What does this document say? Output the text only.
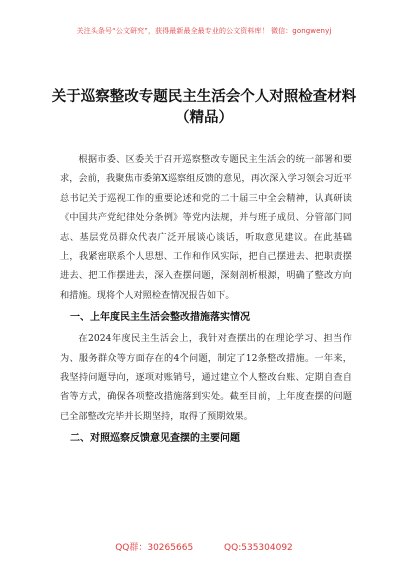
关注头条号“公文研究”，获得最新最全最专业的公文资料库！ 微信：gongwenyj
关于巡察整改专题民主生活会个人对照检查材料
（精品）

根据市委、区委关于召开巡察整改专题民主生活会的统一部署和要求，会前，我聚焦市委第X巡察组反馈的意见，再次深入学习领会习近平总书记关于巡视工作的重要论述和党的二十届三中全会精神，认真研读《中国共产党纪律处分条例》等党内法规，并与班子成员、分管部门同志、基层党员群众代表广泛开展谈心谈话，听取意见建议。在此基础上，我紧密联系个人思想、工作和作风实际，把自己摆进去、把职责摆进去、把工作摆进去，深入查摆问题，深刻剖析根源，明确了整改方向和措施。现将个人对照检查情况报告如下。

一、上年度民主生活会整改措施落实情况

在2024年度民主生活会上，我针对查摆出的在理论学习、担当作为、服务群众等方面存在的4个问题，制定了12条整改措施。一年来，我坚持问题导向，逐项对账销号，通过建立个人整改台账、定期自查自省等方式，确保各项整改措施落到实处。截至目前，上年度查摆的问题已全部整改完毕并长期坚持，取得了预期效果。

二、对照巡察反馈意见查摆的主要问题
QQ群：30265665	QQ:535304092
